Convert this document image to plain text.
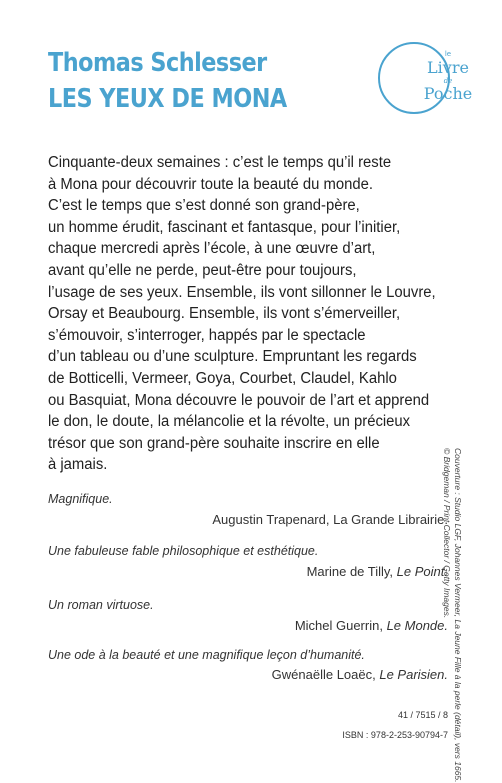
Thomas Schlesser
LES YEUX DE MONA
le
Livre
de
Poche
Cinquante-deux semaines : c’est le temps qu’il reste
à Mona pour découvrir toute la beauté du monde.
C’est le temps que s’est donné son grand-père,
un homme érudit, fascinant et fantasque, pour l’initier,
chaque mercredi après l’école, à une œuvre d’art,
avant qu’elle ne perde, peut-être pour toujours,
l’usage de ses yeux. Ensemble, ils vont sillonner le Louvre,
Orsay et Beaubourg. Ensemble, ils vont s’émerveiller,
s’émouvoir, s’interroger, happés par le spectacle
d’un tableau ou d’une sculpture. Empruntant les regards
de Botticelli, Vermeer, Goya, Courbet, Claudel, Kahlo
ou Basquiat, Mona découvre le pouvoir de l’art et apprend
le don, le doute, la mélancolie et la révolte, un précieux
trésor que son grand-père souhaite inscrire en elle
à jamais.
Magnifique.
Augustin Trapenard, La Grande Librairie.
Une fabuleuse fable philosophique et esthétique.
Marine de Tilly, Le Point.
Un roman virtuose.
Michel Guerrin, Le Monde.
Une ode à la beauté et une magnifique leçon d’humanité.
Gwénaëlle Loaëc, Le Parisien. Couverture : Studio LGF, Johannes Vermeer, La Jeune Fille à la perle (détail), vers 1665.
© Bridgeman / Print Collector / Getty Images.
41 / 7515 / 8
ISBN : 978-2-253-90794-7
